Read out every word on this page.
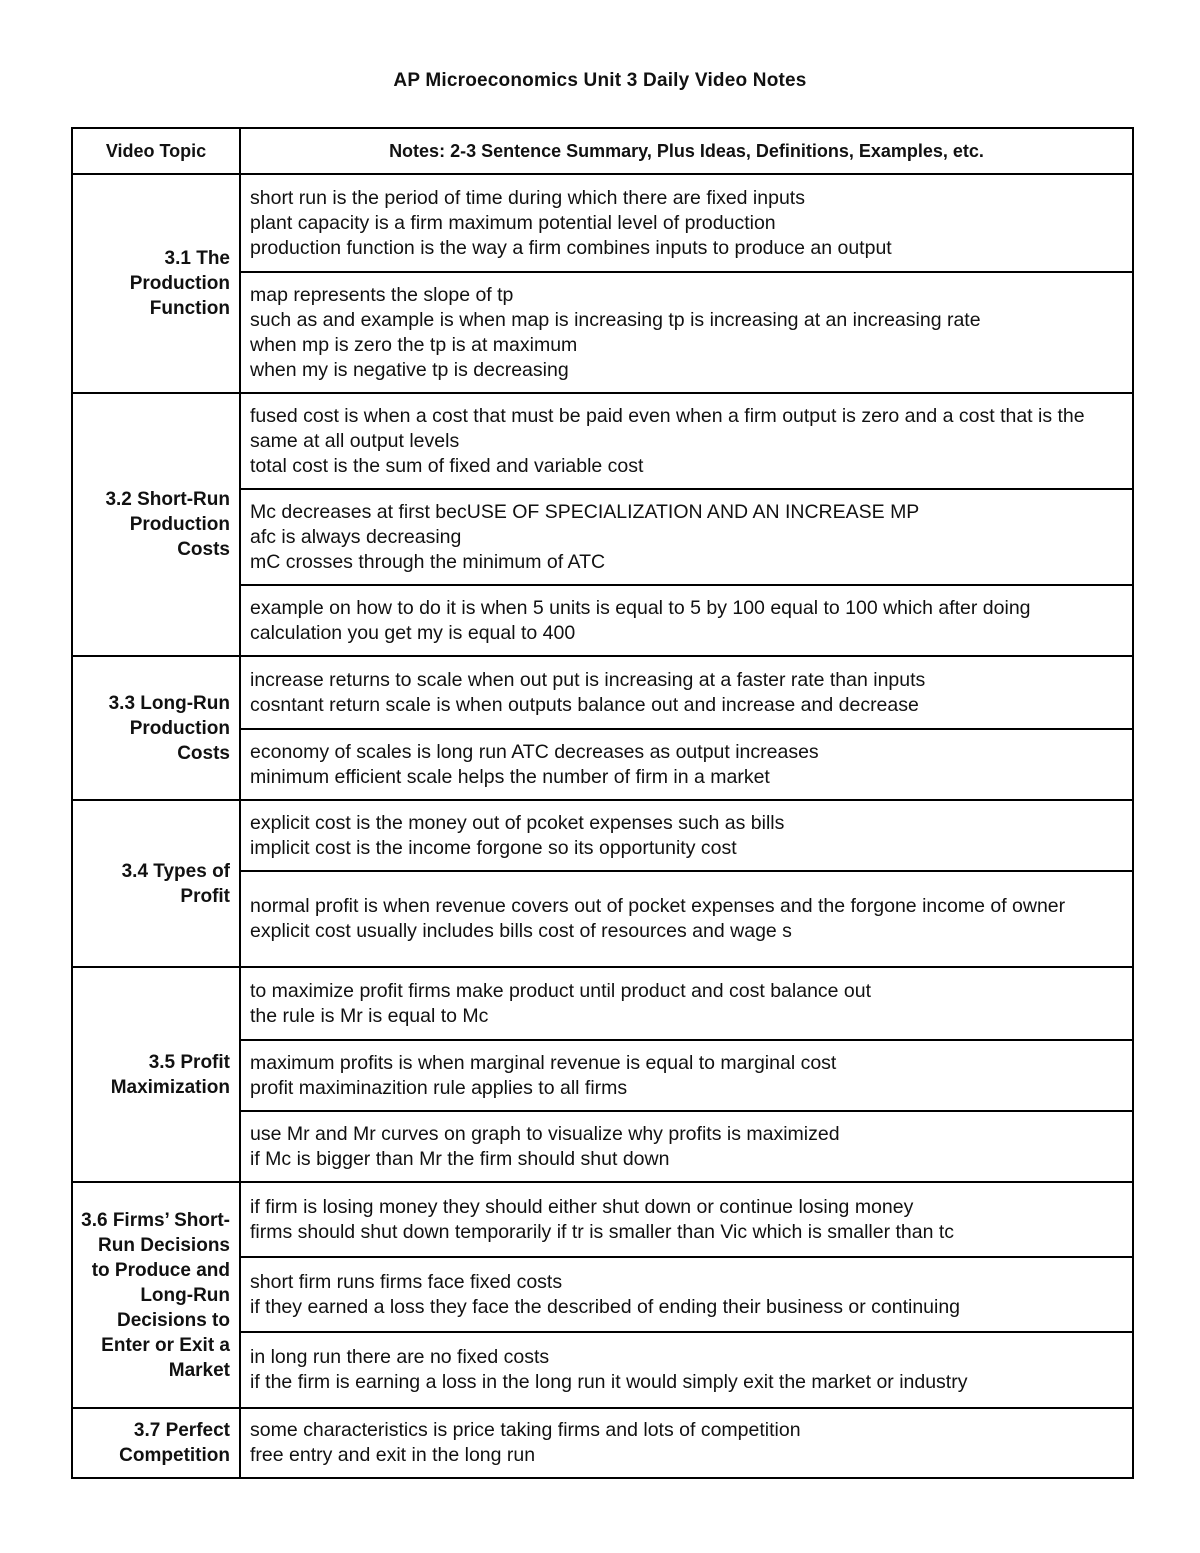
AP Microeconomics Unit 3 Daily Video Notes
Video Topic	Notes: 2-3 Sentence Summary, Plus Ideas, Definitions, Examples, etc.
3.1 The Production Function	short run is the period of time during which there are fixed inputs
plant capacity is a firm maximum potential level of production
production function is the way a firm combines inputs to produce an output

	map represents the slope of tp
such as and example is when map is increasing tp is increasing at an increasing rate
when mp is zero the tp is at maximum
when my is negative tp is decreasing

3.2 Short-Run Production Costs	fused cost is when a cost that must be paid even when a firm output is zero and a cost that is the same at all output levels
total cost is the sum of fixed and variable cost

	Mc decreases at first becUSE OF SPECIALIZATION AND AN INCREASE MP
afc is always decreasing
mC crosses through the minimum of ATC

	example on how to do it is when 5 units is equal to 5 by 100 equal to 100 which after doing calculation you get my is equal to 400

3.3 Long-Run Production Costs	increase returns to scale when out put is increasing at a faster rate than inputs
cosntant return scale is when outputs balance out and increase and decrease

	economy of scales is long run ATC decreases as output increases
minimum efficient scale helps the number of firm in a market

3.4 Types of Profit	explicit cost is the money out of pcoket expenses such as bills
implicit cost is the income forgone so its opportunity cost

	normal profit is when revenue covers out of pocket expenses and the forgone income of owner
explicit cost usually includes bills cost of resources and wage s

3.5 Profit Maximization	to maximize profit firms make product until product and cost balance out
the rule is Mr is equal to Mc

	maximum profits is when marginal revenue is equal to marginal cost
profit maximinazition rule applies to all firms

	use Mr and Mr curves on graph to visualize why profits is maximized
if Mc is bigger than Mr the firm should shut down

3.6 Firms’ Short-Run Decisions to Produce and Long-Run Decisions to Enter or Exit a Market	if firm is losing money they should either shut down or continue losing money
firms should shut down temporarily if tr is smaller than Vic which is smaller than tc

	short firm runs firms face fixed costs
if they earned a loss they face the described of ending their business or continuing

	in long run there are no fixed costs
if the firm is earning a loss in the long run it would simply exit the market or industry

3.7 Perfect Competition	some characteristics is price taking firms and lots of competition
free entry and exit in the long run
